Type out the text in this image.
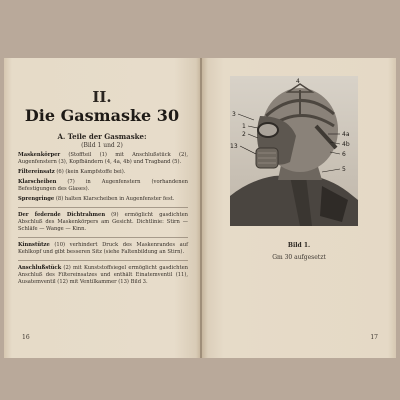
II.
Die Gasmaske 30
A. Teile der Gasmaske:
(Bild 1 und 2)

Maskenkörper (Stoffteil (1) mit Anschlußstück (2), Augenfenstern (3), Kopfbändern (4, 4a, 4b) und Tragband (5).

Filtereinsatz (6) (kein Kampfstoffe bei).

Klarscheiben (7) in Augenfenstern (vorhandenen Befestigungen des Glases).

Sprengringe (8) halten Klarscheiben in Augenfenster fest.

Der federnde Dichtrahmen (9) ermöglicht gasdichten Abschluß des Maskenkörpers am Gesicht. Dichtlinie: Stirn — Schläfe — Wange — Kinn.

Kinnstütze (10) verhindert Druck des Maskenrandes auf Kehlkopf und gibt besseren Sitz (siehe Faltenbildung an Stirn).

Anschlußstück (2) mit Kunststoffsiegel ermöglicht gasdichten Anschluß des Filtereinsatzes und enthält Einatemventil (11), Ausatemventil (12) mit Ventilkammer (13) Bild 3.

16
4
3
1
2
13
4a
4b
6
5
Bild 1.
Gm 30 aufgesetzt
17
